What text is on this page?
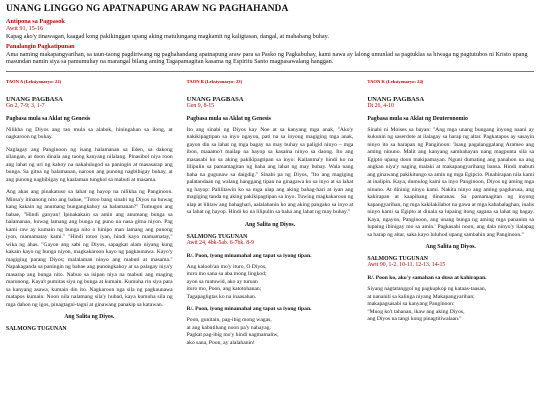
UNANG LINGGO NG APATNAPUNG ARAW NG PAGHAHANDA
Antipona sa Pagpasok
Awit 91, 15-16
Kapag ako'y tinawagan, kaagad kong pakikinggan upang aking matulungang magkamit ng kaligtasan, dangal, at mahabang buhay.
Panalangin Pagkatipunan
Ama naming makapangyarihan, sa taun-taong pagdiriwang ng paghahandang apatnapung araw para sa Pasko ng Pagkabuhay, kami nawa ay lalong umunlad sa pagtuklas sa hiwaga ng pagtutubos ni Kristo upang masundan namin siya sa pamumuhay na marangal bilang aming Tagapamagitan kasama ng Espiritu Santo magpasawalang hanggan.
TAON A (Leksiyonaryo: 22)
UNANG PAGBASA
Gn 2, 7-9; 3, 1-7
Pagbasa mula sa Aklat ng Genesis

Nilikha ng Diyos ang tao mula sa alabok, hiningahan sa ilong, at nagkaroon ng buhay.

Naglagay ang Panginoon ng isang halamanan sa Eden, sa dakong silangan, at doon dinala ang taong kanyang nilalang. Pinasibol niya roon ang lahat ng uri ng kahoy na nakalulugod sa paningin at masasarap ang bunga. Sa gitna ng halamanan, naroon ang punong nagbibigay buhay, at ang punong nagbibigay ng kaalaman tungkol sa mabuti at masama.

Ang ahas ang pinakatuso sa lahat ng hayop na nilikha ng Panginoon. Minsa'y itinanong nito ang babae, "Totoo bang sinabi ng Diyos na huwag kang kakain ng anumang bungangkahoy sa halamanan?" Tumugon ang babae, "Hindi ganyan! Ipinakakain sa amin ang anumang bunga sa halamanan, huwag lamang ang bunga ng puno na nasa gitna niyon. Pag kami raw ay kumain ng bunga nito o hinipo man lamang ang punong iyon, mamamatay kami." "Hindi totoo iyan, hindi kayo mamamatay," wika ng ahas. "Gayon ang sabi ng Diyos, sapagkat alam niyang kung kakain kayo ng bunga niyon, magkakaroon kayo ng pagkaunawa. Kayo'y magiging parang Diyos; malalaman ninyo ang mabuti at masama." Napakaganda sa paningin ng babae ang punongkahoy at sa palagay niya'y masarap ang bunga nito. Nabuo sa isipan niya na mabuti ang maging marunong. Kaya't pumitas siya ng bunga at kumain. Kumuha rin siya para sa kanyang asawa, kumain din ito. Nagkaroon nga sila ng pagkaunawa matapos kumain. Noon nila nalamang sila'y hubad, kaya kumuha sila ng mga dahon ng igos, pinagtagni-tagni at ginawang panakip sa katawan.

Ang Salita ng Diyos.
SALMONG TUGUNAN
TAON B (Leksiyonaryo: 23)
UNANG PAGBASA
Gen 9, 8-15
Pagbasa mula sa Aklat ng Genesis

Ito ang sinabi ng Diyos kay Noe at sa kanyang mga anak, "Ako'y nakikipagtipan sa inyo ngayon, pati na sa inyong magiging mga anak, gayon din sa lahat ng mga bagay na may buhay sa paligid ninyo – mga ibon, maaamo't mailap na hayop sa kasama ninyo sa daong. Ito ang masasabi ko sa aking pakikipagtipan sa inyo: Kailanma'y hindi ko na lilipulin sa pamamagitan ng baha ang lahat ng may buhay. Wala nang baha na gugunaw sa daigdig." Sinabi pa ng Diyos, "Ito ang magiging palatandaan ng walang hanggang tipan na ginagawa ko sa inyo at sa lahat ng hayop: Palilitawin ko sa mga ulap ang aking bahag-hari at iyan ang magiging tanda ng aking pakikipagtipan sa inyo. Tuwing magkakaroon ng ulap at lilitaw ang bahaghari, aalalahanin ko ang aking pangako sa inyo at sa lahat ng hayop. Hindi ko na lilipulin sa baha ang lahat ng may buhay."

Ang Salita ng Diyos.
SALMONG TUGUNAN
Awit 24, 4bk-5ab. 6-7bk. 8-9
R/. Poon, iyong minamahal ang tapat sa iyong tipan.
Ang kaloob'an mo'y ituro, O Diyos,
ituro mo sana sa aba mong lingkod;
ayon sa matuwid, ako ay turuan
ituro mo, Poon, ang katotohanan;
Tagapagligtas ko na inaasahan.
R/. Poon, iyong minamahal ang tapat sa iyong tipan.
Poon, gunitain, pag-ibig mong wagas,
at ang kabutihang noon pa'y nahayag.
Pagkat pag-ibig mo'y hindi nagmamaliw,
ako sana, Poon, ay alalahanin!
TAON K (Leksiyonaryo: 24)
UNANG PAGBASA
Dt 26, 4-10
Pagbasa mula sa Aklat ng Deuteronomio

Sinabi ni Moises sa bayan: "Ang mga unang bungang inyong naani ay kukunin ng saserdote at ilalagay sa harap ng altar. Pagkatapos ay sasayin ninyo ito sa harapan ng Panginoon: 'Isang pagalanggalang Arameo ang aming ninuno. Malit ang kanyang sambahayan nang magpunta sila sa Egipto upang doon makipamayan. Nguni dumating ang panahon na ang angkan niya'y naging malaki at makapangyarihang bansa. Hindi mabuti ang ginawang pakikitungo sa amin ng mga Egipcio. Pinahirapan nila kami at inalipin. Kaya, dumulog kami sa inyo Panginoon, Diyos ng aming mga ninuno. At dininig ninyo kami. Nakita ninyo ang aming pagdurusa, ang kahirapan at kaapihang dinaranas. Sa pamamagitan ng inyong kapangyarihan, ng mga kakilakilabot na gawa at mga kababalaghan, inalis ninyo kami sa Egipto at dinala sa lupaing itong sagana sa lahat ng bagay. Kaya, ngayon, Panginoon, ang unang bunga ng aming mga pananim sa lupaing ibinigay mo sa amin.' Pagkasabi noon, ang dala ninyo'y ilalapag sa harap ng altar, saka kayo luluhod upang sambahin ang Panginoon."

Ang Salita ng Diyos.
SALMONG TUGUNAN
Awit 90, 1-2. 10-11. 12-13. 14-15
R/. Poon ko, ako'y samahan sa dusa at kahirapan.
Siyang nagtatanggol ng pagkupkop ng kataas-taasan,
at nananilí sa kalinga niyang Makapangyarihan;
makapagsasabi sa kanyang Panginoon:
"Muog ko't tahanan, ikaw ang aking Diyos,
ang Diyos na tangi kong pinagtitiwalaan."
